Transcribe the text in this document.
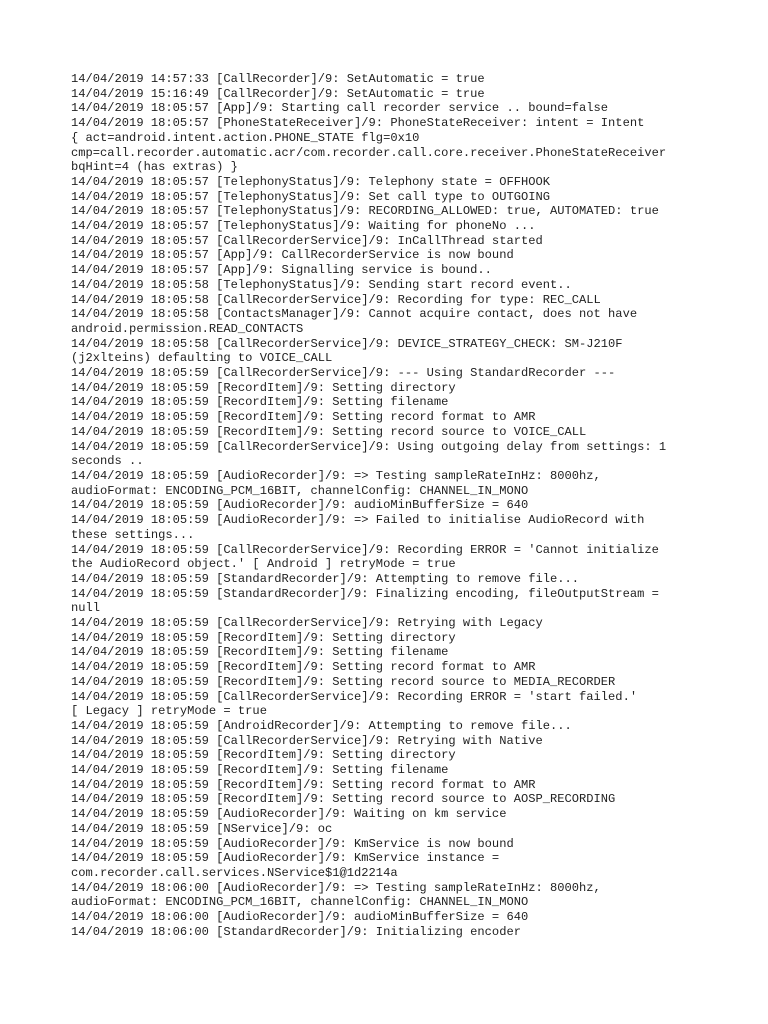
14/04/2019 14:57:33 [CallRecorder]/9: SetAutomatic = true
14/04/2019 15:16:49 [CallRecorder]/9: SetAutomatic = true
14/04/2019 18:05:57 [App]/9: Starting call recorder service .. bound=false
14/04/2019 18:05:57 [PhoneStateReceiver]/9: PhoneStateReceiver: intent = Intent
{ act=android.intent.action.PHONE_STATE flg=0x10
cmp=call.recorder.automatic.acr/com.recorder.call.core.receiver.PhoneStateReceiver
bqHint=4 (has extras) }
14/04/2019 18:05:57 [TelephonyStatus]/9: Telephony state = OFFHOOK
14/04/2019 18:05:57 [TelephonyStatus]/9: Set call type to OUTGOING
14/04/2019 18:05:57 [TelephonyStatus]/9: RECORDING_ALLOWED: true, AUTOMATED: true
14/04/2019 18:05:57 [TelephonyStatus]/9: Waiting for phoneNo ...
14/04/2019 18:05:57 [CallRecorderService]/9: InCallThread started
14/04/2019 18:05:57 [App]/9: CallRecorderService is now bound
14/04/2019 18:05:57 [App]/9: Signalling service is bound..
14/04/2019 18:05:58 [TelephonyStatus]/9: Sending start record event..
14/04/2019 18:05:58 [CallRecorderService]/9: Recording for type: REC_CALL
14/04/2019 18:05:58 [ContactsManager]/9: Cannot acquire contact, does not have
android.permission.READ_CONTACTS
14/04/2019 18:05:58 [CallRecorderService]/9: DEVICE_STRATEGY_CHECK: SM-J210F
(j2xlteins) defaulting to VOICE_CALL
14/04/2019 18:05:59 [CallRecorderService]/9: --- Using StandardRecorder ---
14/04/2019 18:05:59 [RecordItem]/9: Setting directory
14/04/2019 18:05:59 [RecordItem]/9: Setting filename
14/04/2019 18:05:59 [RecordItem]/9: Setting record format to AMR
14/04/2019 18:05:59 [RecordItem]/9: Setting record source to VOICE_CALL
14/04/2019 18:05:59 [CallRecorderService]/9: Using outgoing delay from settings: 1
seconds ..
14/04/2019 18:05:59 [AudioRecorder]/9: => Testing sampleRateInHz: 8000hz,
audioFormat: ENCODING_PCM_16BIT, channelConfig: CHANNEL_IN_MONO
14/04/2019 18:05:59 [AudioRecorder]/9: audioMinBufferSize = 640
14/04/2019 18:05:59 [AudioRecorder]/9: => Failed to initialise AudioRecord with
these settings...
14/04/2019 18:05:59 [CallRecorderService]/9: Recording ERROR = 'Cannot initialize
the AudioRecord object.' [ Android ] retryMode = true
14/04/2019 18:05:59 [StandardRecorder]/9: Attempting to remove file...
14/04/2019 18:05:59 [StandardRecorder]/9: Finalizing encoding, fileOutputStream =
null
14/04/2019 18:05:59 [CallRecorderService]/9: Retrying with Legacy
14/04/2019 18:05:59 [RecordItem]/9: Setting directory
14/04/2019 18:05:59 [RecordItem]/9: Setting filename
14/04/2019 18:05:59 [RecordItem]/9: Setting record format to AMR
14/04/2019 18:05:59 [RecordItem]/9: Setting record source to MEDIA_RECORDER
14/04/2019 18:05:59 [CallRecorderService]/9: Recording ERROR = 'start failed.'
[ Legacy ] retryMode = true
14/04/2019 18:05:59 [AndroidRecorder]/9: Attempting to remove file...
14/04/2019 18:05:59 [CallRecorderService]/9: Retrying with Native
14/04/2019 18:05:59 [RecordItem]/9: Setting directory
14/04/2019 18:05:59 [RecordItem]/9: Setting filename
14/04/2019 18:05:59 [RecordItem]/9: Setting record format to AMR
14/04/2019 18:05:59 [RecordItem]/9: Setting record source to AOSP_RECORDING
14/04/2019 18:05:59 [AudioRecorder]/9: Waiting on km service
14/04/2019 18:05:59 [NService]/9: oc
14/04/2019 18:05:59 [AudioRecorder]/9: KmService is now bound
14/04/2019 18:05:59 [AudioRecorder]/9: KmService instance =
com.recorder.call.services.NService$1@1d2214a
14/04/2019 18:06:00 [AudioRecorder]/9: => Testing sampleRateInHz: 8000hz,
audioFormat: ENCODING_PCM_16BIT, channelConfig: CHANNEL_IN_MONO
14/04/2019 18:06:00 [AudioRecorder]/9: audioMinBufferSize = 640
14/04/2019 18:06:00 [StandardRecorder]/9: Initializing encoder
